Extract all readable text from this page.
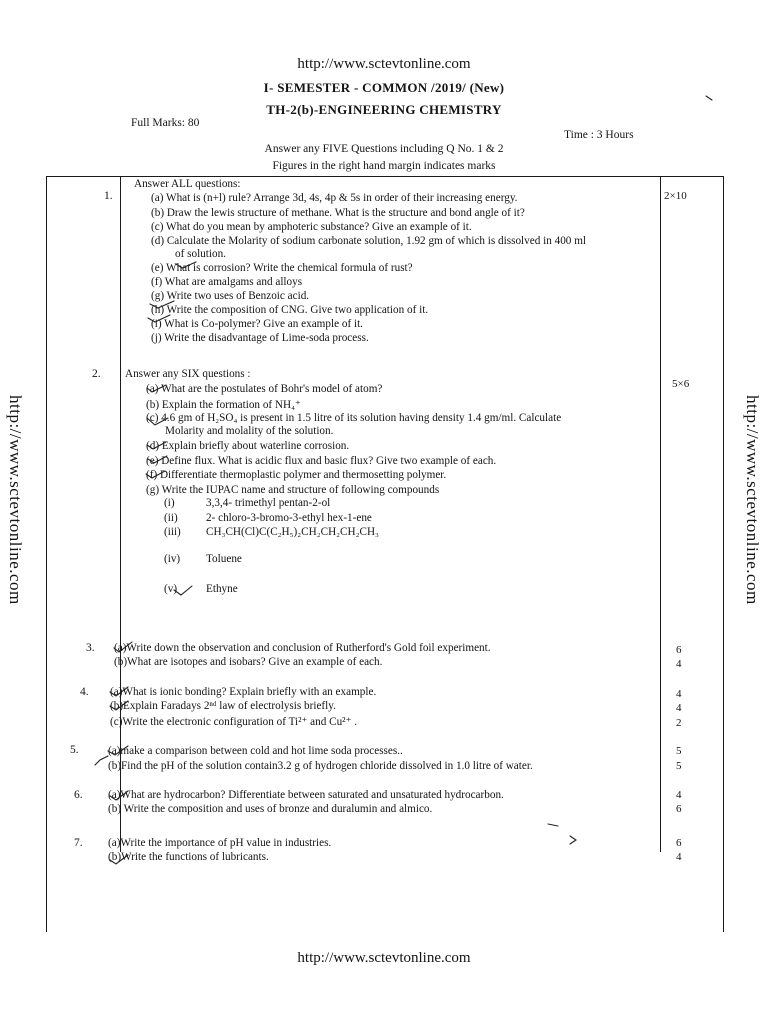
http://www.sctevtonline.com
I- SEMESTER - COMMON /2019/ (New)
TH-2(b)-ENGINEERING CHEMISTRY
Full Marks: 80
Time : 3 Hours
Answer any FIVE Questions including Q No. 1 & 2
Figures in the right hand margin indicates marks
http://www.sctevtonline.com	http://www.sctevtonline.com
1.	2×10
Answer ALL questions:
(a) What is (n+l) rule? Arrange 3d, 4s, 4p & 5s in order of their increasing energy.
(b) Draw the lewis structure of methane. What is the structure and bond angle of it?
(c) What do you mean by amphoteric substance? Give an example of it.
(d) Calculate the Molarity of sodium carbonate solution, 1.92 gm of which is dissolved in 400 ml
of solution.
(e) What is corrosion? Write the chemical formula of rust?
(f) What are amalgams and alloys
(g) Write two uses of Benzoic acid.
(h) Write the composition of CNG. Give two application of it.
(i) What is Co-polymer? Give an example of it.
(j) Write the disadvantage of Lime-soda process.
2.
5×6
Answer any SIX questions :
(a) What are the postulates of Bohr's model of atom?
(b) Explain the formation of NH₄⁺
(c) 4.6 gm of H₂SO₄ is present in 1.5 litre of its solution having density 1.4 gm/ml. Calculate
Molarity and molality of the solution.
(d) Explain briefly about waterline corrosion.
(e) Define flux. What is acidic flux and basic flux? Give two example of each.
(f) Differentiate thermoplastic polymer and thermosetting polymer.
(g) Write the IUPAC name and structure of following compounds
(i)	3,3,4- trimethyl pentan-2-ol
(ii)	2- chloro-3-bromo-3-ethyl hex-1-ene
(iii) CH₃CH(Cl)C(C₂H₅)₂CH₂CH₂CH₂CH₃
(iv) Toluene
(v)	Ethyne
3. (a)Write down the observation and conclusion of Rutherford's Gold foil experiment.	6
(b)What are isotopes and isobars? Give an example of each.	4
4. (a)What is ionic bonding? Explain briefly with an example.	4
(b)Explain Faradays 2ⁿᵈ law of electrolysis briefly.	4
(c)Write the electronic configuration of Ti²⁺ and Cu²⁺ .	2
5.	(a)make a comparison between cold and hot lime soda processes..	5
(b)Find the pH of the solution contain3.2 g of hydrogen chloride dissolved in 1.0 litre of water.	5
6. (a)What are hydrocarbon? Differentiate between saturated and unsaturated hydrocarbon.	4
(b) Write the composition and uses of bronze and duralumin and almico.	6
7. (a)Write the importance of pH value in industries.	6
(b)Write the functions of lubricants.	4
http://www.sctevtonline.com
